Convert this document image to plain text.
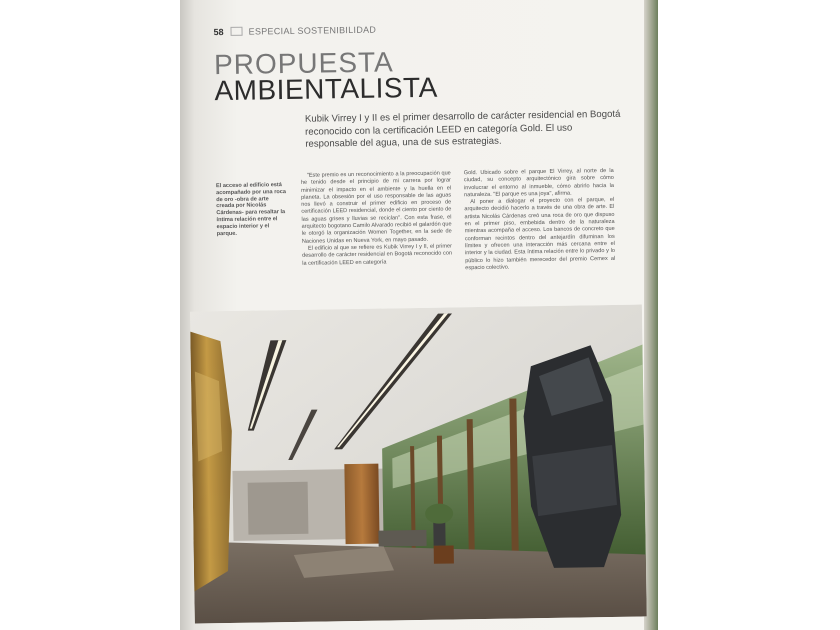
58	ESPECIAL SOSTENIBILIDAD
PROPUESTA
AMBIENTALISTA
Kubik Virrey I y II es el primer desarrollo de carácter residencial en Bogotá reconocido con la certificación LEED en categoría Gold. El uso responsable del agua, una de sus estrategias.
El acceso al edificio está acompañado por una roca de oro -obra de arte creada por Nicolás Cárdenas- para resaltar la íntima relación entre el espacio interior y el parque.

"Este premio es un reconocimiento a la preocupación que he tenido desde el principio de mi carrera por lograr minimizar el impacto en el ambiente y la huella en el planeta. La obsesión por el uso responsable de las aguas nos llevó a construir el primer edificio en proceso de certificación LEED residencial, donde el ciento por ciento de las aguas grises y lluvias se reciclan". Con esta frase, el arquitecto bogotano Camilo Alvarado recibió el galardón que le otorgó la organización Women Together, en la sede de Naciones Unidas en Nueva York, en mayo pasado.

El edificio al que se refiere es Kubik Virrey I y II, el primer desarrollo de carácter residencial en Bogotá reconocido con la certificación LEED en categoría

Gold. Ubicado sobre el parque El Virrey, al norte de la ciudad, su concepto arquitectónico gira sobre cómo involucrar el entorno al inmueble, cómo abrirlo hacia la naturaleza. "El parque es una joya", afirma.

Al poner a dialogar el proyecto con el parque, el arquitecto decidió hacerlo a través de una obra de arte. El artista Nicolás Cárdenas creó una roca de oro que dispuso en el primer piso, embebida dentro de la naturaleza mientras acompaña el acceso. Los bancos de concreto que conforman recintos dentro del antejardín difuminan los límites y ofrecen una interacción más cercana entre el interior y la ciudad. Esta íntima relación entre lo privado y lo público lo hizo también merecedor del premio Cemex al espacio colectivo.
